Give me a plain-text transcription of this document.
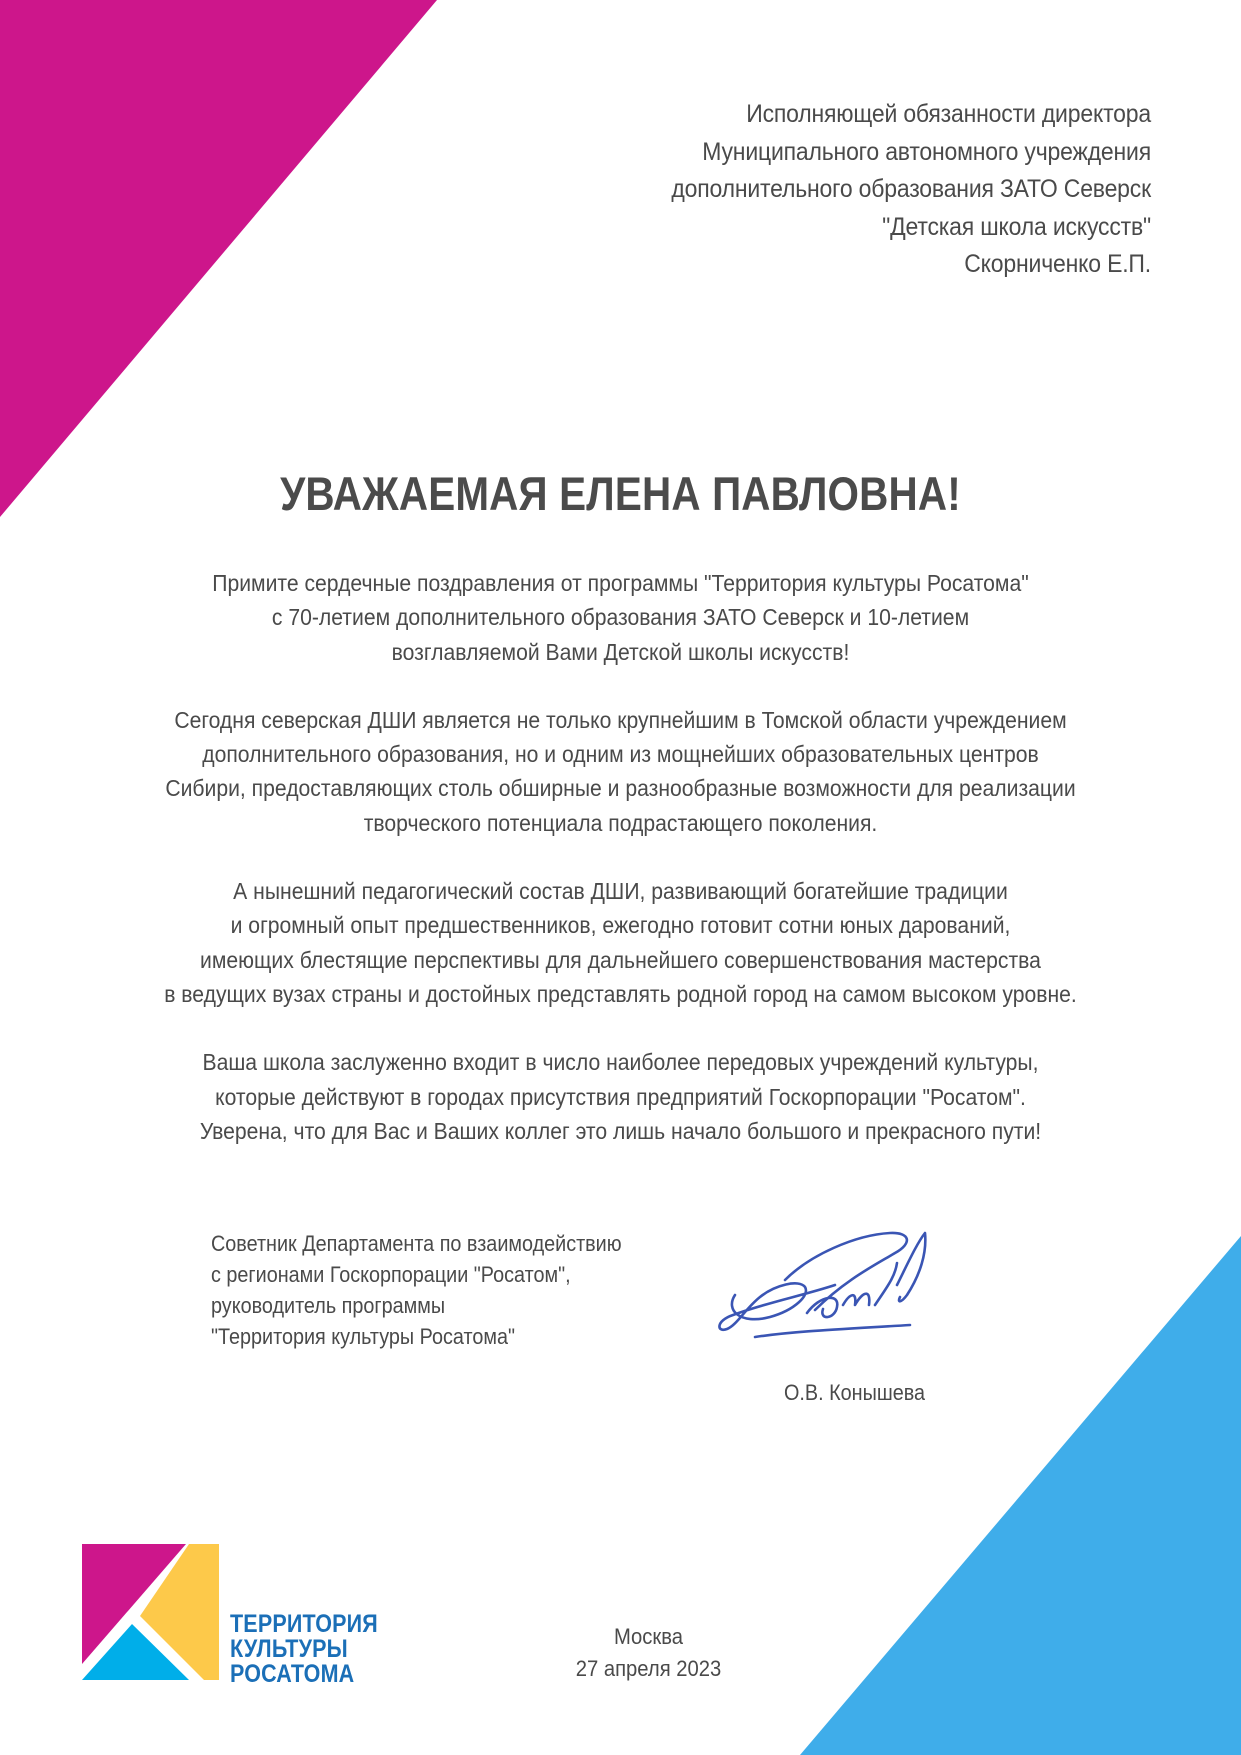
Исполняющей обязанности директора
Муниципального автономного учреждения
дополнительного образования ЗАТО Северск
"Детская школа искусств"
Скорниченко Е.П.
УВАЖАЕМАЯ ЕЛЕНА ПАВЛОВНА!
Примите сердечные поздравления от программы "Территория культуры Росатома"
с 70-летием дополнительного образования ЗАТО Северск и 10-летием
возглавляемой Вами Детской школы искусств!
Сегодня северская ДШИ является не только крупнейшим в Томской области учреждением
дополнительного образования, но и одним из мощнейших образовательных центров
Сибири, предоставляющих столь обширные и разнообразные возможности для реализации
творческого потенциала подрастающего поколения.
А нынешний педагогический состав ДШИ, развивающий богатейшие традиции
и огромный опыт предшественников, ежегодно готовит сотни юных дарований,
имеющих блестящие перспективы для дальнейшего совершенствования мастерства
в ведущих вузах страны и достойных представлять родной город на самом высоком уровне.
Ваша школа заслуженно входит в число наиболее передовых учреждений культуры,
которые действуют в городах присутствия предприятий Госкорпорации "Росатом".
Уверена, что для Вас и Ваших коллег это лишь начало большого и прекрасного пути!
Советник Департамента по взаимодействию
с регионами Госкорпорации "Росатом",
руководитель программы
"Территория культуры Росатома"
О.В. Конышева
Москва
27 апреля 2023
ТЕРРИТОРИЯ
КУЛЬТУРЫ
РОСАТОМА
